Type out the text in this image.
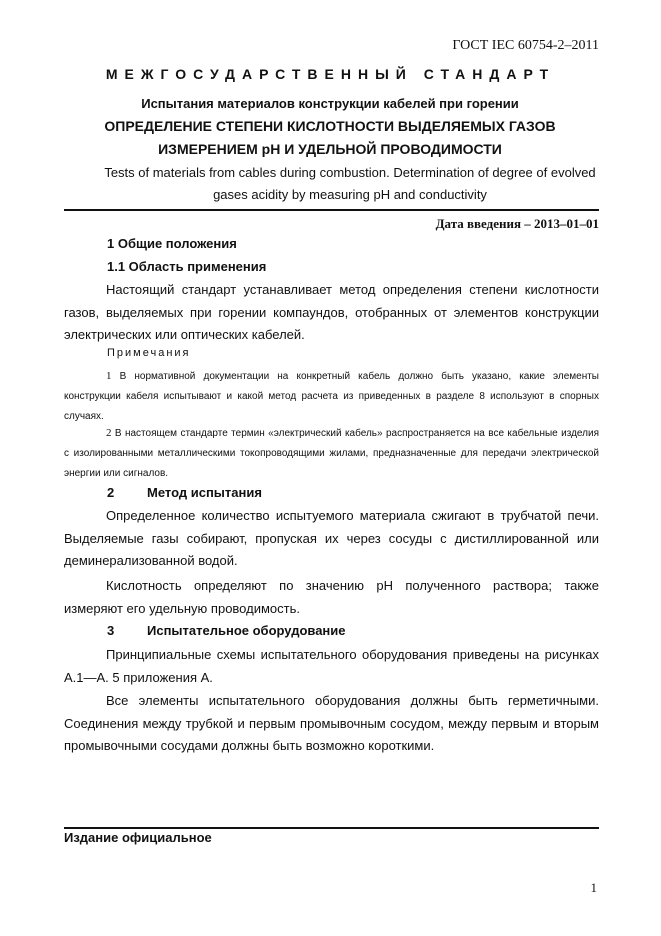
ГОСТ IEC 60754-2–2011
МЕЖГОСУДАРСТВЕННЫЙ СТАНДАРТ
Испытания материалов конструкции кабелей при горении
ОПРЕДЕЛЕНИЕ СТЕПЕНИ КИСЛОТНОСТИ ВЫДЕЛЯЕМЫХ ГАЗОВ
ИЗМЕРЕНИЕМ pH И УДЕЛЬНОЙ ПРОВОДИМОСТИ
Tests of materials from cables during combustion. Determination of degree of evolved gases acidity by measuring pH and conductivity
Дата введения – 2013–01–01
1 Общие положения
1.1 Область применения
Настоящий стандарт устанавливает метод определения степени кислотности газов, выделяемых при горении компаундов, отобранных от элементов конструкции электрических или оптических кабелей.
Примечания
1 В нормативной документации на конкретный кабель должно быть указано, какие элементы конструкции кабеля испытывают и какой метод расчета из приведенных в разделе 8 используют в спорных случаях.
2 В настоящем стандарте термин «электрический кабель» распространяется на все кабельные изделия с изолированными металлическими токопроводящими жилами, предназначенные для передачи электрической энергии или сигналов.
2	Метод испытания
Определенное количество испытуемого материала сжигают в трубчатой печи. Выделяемые газы собирают, пропуская их через сосуды с дистиллированной или деминерализованной водой.
Кислотность определяют по значению pH полученного раствора; также измеряют его удельную проводимость.
3	Испытательное оборудование
Принципиальные схемы испытательного оборудования приведены на рисунках А.1—А. 5 приложения А.
Все элементы испытательного оборудования должны быть герметичными. Соединения между трубкой и первым промывочным сосудом, между первым и вторым промывочными сосудами должны быть возможно короткими.
Издание официальное
1
